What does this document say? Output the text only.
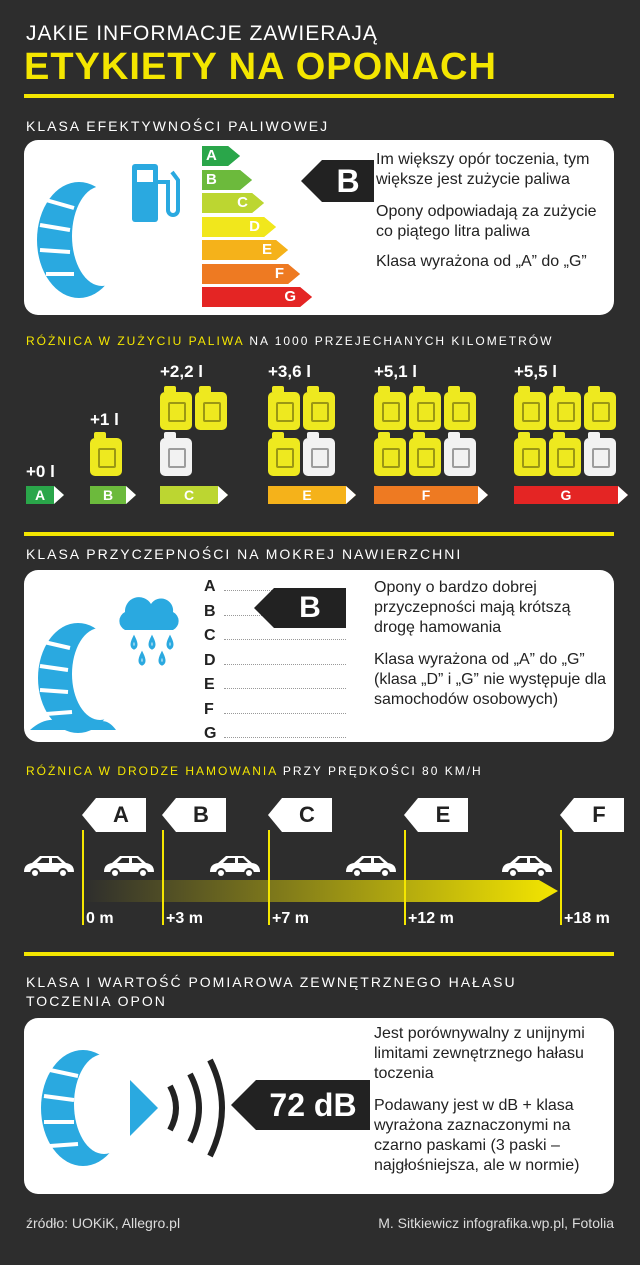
JAKIE INFORMACJE ZAWIERAJĄ
ETYKIETY NA OPONACH
KLASA EFEKTYWNOŚCI PALIWOWEJ
A
B
C
D
E
F
G
B

Im większy opór toczenia, tym większe jest zużycie paliwa

Opony odpowiadają za zużycie co piątego litra paliwa

Klasa wyrażona od „A” do „G”

RÓŻNICA W ZUŻYCIU PALIWA NA 1000 PRZEJECHANYCH KILOMETRÓW
+0 l
A
+1 l
B
+2,2 l
C
+3,6 l
E
+5,1 l
F
+5,5 l
G
KLASA PRZYCZEPNOŚCI NA MOKREJ NAWIERZCHNI
A
B
C
D
E
F
G
B

Opony o bardzo dobrej przyczepności mają krótszą drogę hamowania

Klasa wyrażona od „A” do „G” (klasa „D” i „G” nie występuje dla samochodów osobowych)

RÓŻNICA W DRODZE HAMOWANIA PRZY PRĘDKOŚCI 80 KM/H
A
0 m
B
+3 m
C
+7 m
E
+12 m
F
+18 m
KLASA I WARTOŚĆ POMIAROWA ZEWNĘTRZNEGO HAŁASU
TOCZENIA OPON
72 dB

Jest porównywalny z unijnymi limitami zewnętrznego hałasu toczenia

Podawany jest w dB + klasa wyrażona zaznaczonymi na czarno paskami (3 paski – najgłośniejsza, ale w normie)

źródło: UOKiK, Allegro.pl	M. Sitkiewicz infografika.wp.pl, Fotolia
